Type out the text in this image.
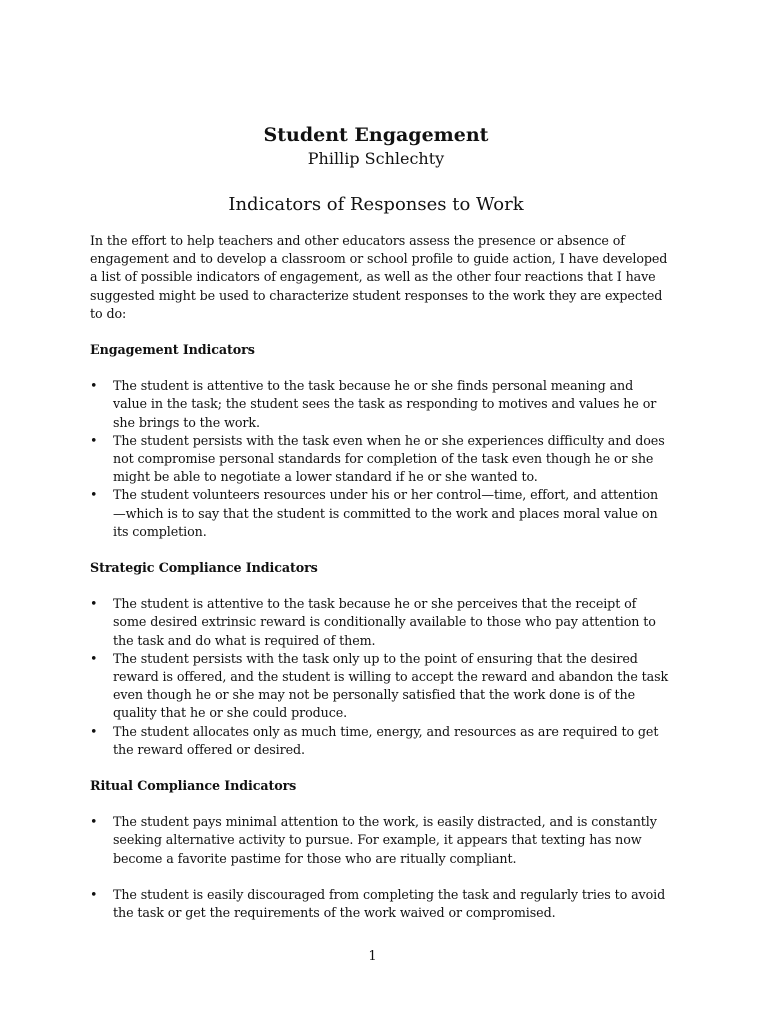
Student Engagement

Phillip Schlechty

Indicators of Responses to Work

In the effort to help teachers and other educators assess the presence or absence of engagement and to develop a classroom or school profile to guide action, I have developed a list of possible indicators of engagement, as well as the other four reactions that I have suggested might be used to characterize student responses to the work they are expected to do:

Engagement Indicators

•
The student is attentive to the task because he or she finds personal meaning and value in the task; the student sees the task as responding to motives and values he or she brings to the work.
•
The student persists with the task even when he or she experiences difficulty and does not compromise personal standards for completion of the task even though he or she might be able to negotiate a lower standard if he or she wanted to.
•
The student volunteers resources under his or her control—time, effort, and attention—which is to say that the student is committed to the work and places moral value on its completion.

Strategic Compliance Indicators

•
The student is attentive to the task because he or she perceives that the receipt of some desired extrinsic reward is conditionally available to those who pay attention to the task and do what is required of them.
•
The student persists with the task only up to the point of ensuring that the desired reward is offered, and the student is willing to accept the reward and abandon the task even though he or she may not be personally satisfied that the work done is of the quality that he or she could produce.
•
The student allocates only as much time, energy, and resources as are required to get the reward offered or desired.

Ritual Compliance Indicators

•
The student pays minimal attention to the work, is easily distracted, and is constantly seeking alternative activity to pursue. For example, it appears that texting has now become a favorite pastime for those who are ritually compliant.
•
The student is easily discouraged from completing the task and regularly tries to avoid the task or get the requirements of the work waived or compromised.
1
